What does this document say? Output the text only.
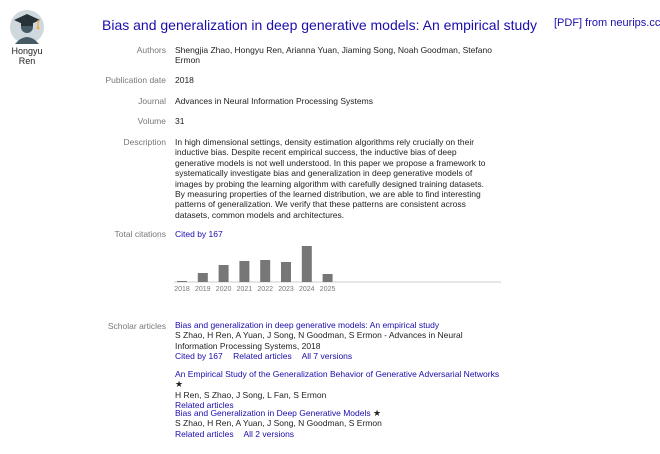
Hongyu Ren
Bias and generalization in deep generative models: An empirical study [PDF] from neurips.cc
Authors Shengjia Zhao, Hongyu Ren, Arianna Yuan, Jiaming Song, Noah Goodman, Stefano Ermon
Publication date 2018
Journal Advances in Neural Information Processing Systems
Volume 31
Description In high dimensional settings, density estimation algorithms rely crucially on their inductive bias. Despite recent empirical success, the inductive bias of deep generative models is not well understood. In this paper we propose a framework to systematically investigate bias and generalization in deep generative models of images by probing the learning algorithm with carefully designed training datasets. By measuring properties of the learned distribution, we are able to find interesting patterns of generalization. We verify that these patterns are consistent across datasets, common models and architectures.
Total citations Cited by 167
2018 2019 2020 2021 2022 2023 2024 2025
Scholar articles Bias and generalization in deep generative models: An empirical study
S Zhao, H Ren, A Yuan, J Song, N Goodman, S Ermon - Advances in Neural Information Processing Systems, 2018
Cited by 167 Related articles All 7 versions
An Empirical Study of the Generalization Behavior of Generative Adversarial Networks ★
H Ren, S Zhao, J Song, L Fan, S Ermon
Related articles
Bias and Generalization in Deep Generative Models ★
S Zhao, H Ren, A Yuan, J Song, N Goodman, S Ermon
Related articles All 2 versions
